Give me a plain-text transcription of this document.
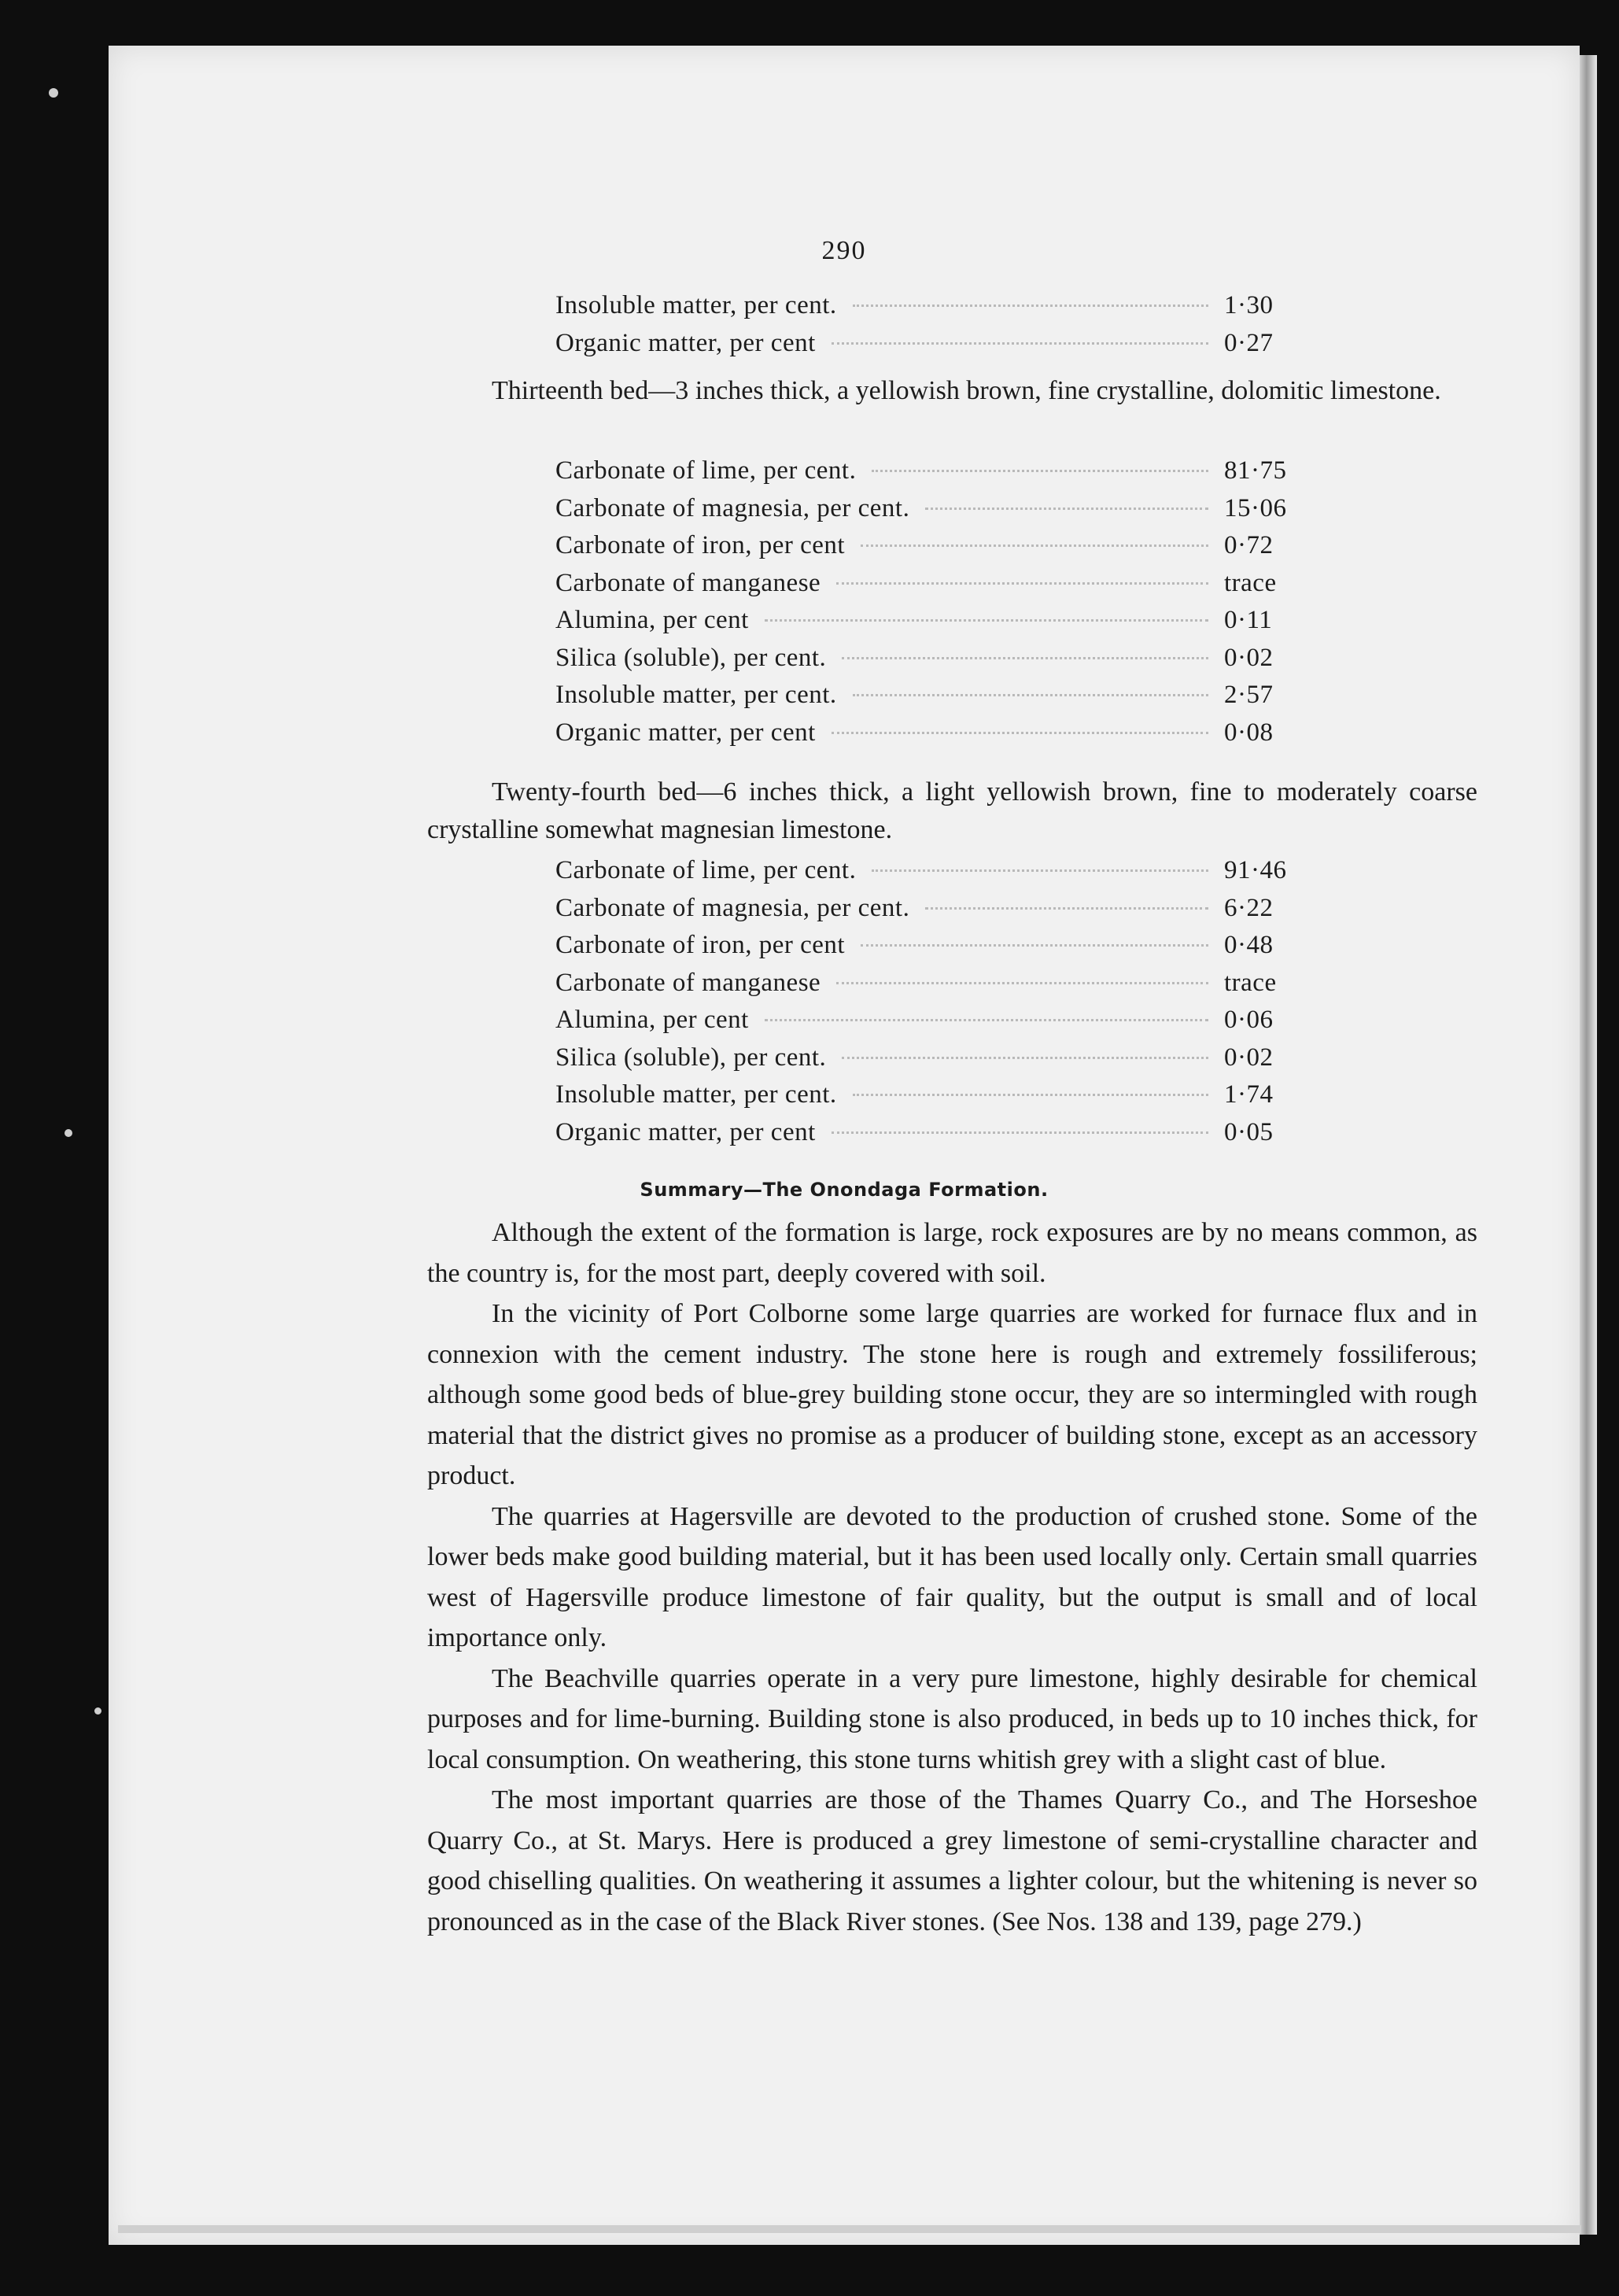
290
Insoluble matter, per cent.	1·30
Organic matter, per cent	0·27

Thirteenth bed—3 inches thick, a yellowish brown, fine crystalline, dolomitic limestone.

Carbonate of lime, per cent.	81·75
Carbonate of magnesia, per cent.	15·06
Carbonate of iron, per cent	0·72
Carbonate of manganese	trace
Alumina, per cent	0·11
Silica (soluble), per cent.	0·02
Insoluble matter, per cent.	2·57
Organic matter, per cent	0·08

Twenty-fourth bed—6 inches thick, a light yellowish brown, fine to moderately coarse crystalline somewhat magnesian limestone.

Carbonate of lime, per cent.	91·46
Carbonate of magnesia, per cent.	6·22
Carbonate of iron, per cent	0·48
Carbonate of manganese	trace
Alumina, per cent	0·06
Silica (soluble), per cent.	0·02
Insoluble matter, per cent.	1·74
Organic matter, per cent	0·05
Summary—The Onondaga Formation.

Although the extent of the formation is large, rock exposures are by no means common, as the country is, for the most part, deeply covered with soil.

In the vicinity of Port Colborne some large quarries are worked for furnace flux and in connexion with the cement industry. The stone here is rough and extremely fossiliferous; although some good beds of blue-grey building stone occur, they are so intermingled with rough material that the district gives no promise as a producer of building stone, except as an accessory product.

The quarries at Hagersville are devoted to the production of crushed stone. Some of the lower beds make good building material, but it has been used locally only. Certain small quarries west of Hagersville produce limestone of fair quality, but the output is small and of local importance only.

The Beachville quarries operate in a very pure limestone, highly desirable for chemical purposes and for lime-burning. Building stone is also produced, in beds up to 10 inches thick, for local consumption. On weathering, this stone turns whitish grey with a slight cast of blue.

The most important quarries are those of the Thames Quarry Co., and The Horseshoe Quarry Co., at St. Marys. Here is produced a grey limestone of semi-crystalline character and good chiselling qualities. On weathering it assumes a lighter colour, but the whitening is never so pronounced as in the case of the Black River stones. (See Nos. 138 and 139, page 279.)
